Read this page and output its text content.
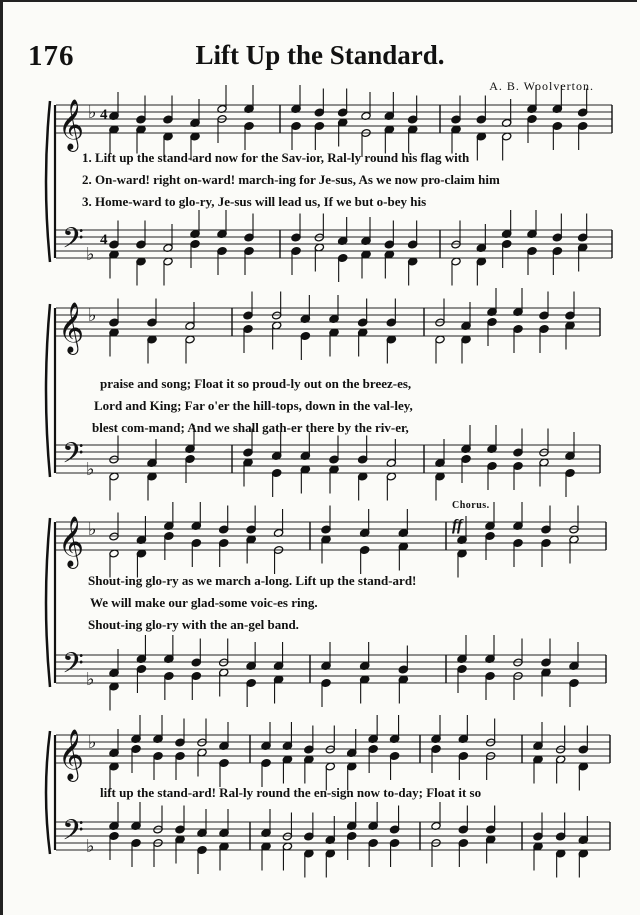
𝄞
𝄢
♭
♭
4
4
𝄞
𝄢
♭
♭
𝄞
𝄢
♭
♭
𝄞
𝄢
♭
♭
ff
176	Lift Up the Standard.
A. B. Woolverton.
Chorus.
1. Lift up the stand-ard now for the Sav-ior, Ral-ly round his flag with
2. On-ward! right on-ward! march-ing for Je-sus, As we now pro-claim him
3. Home-ward to glo-ry, Je-sus will lead us, If we but o-bey his
praise and song; Float it so proud-ly out on the breez-es,
Lord and King; Far o'er the hill-tops, down in the val-ley,
blest com-mand; And we shall gath-er there by the riv-er,
Shout-ing glo-ry as we march a-long. Lift up the stand-ard!
We will make our glad-some voic-es ring.
Shout-ing glo-ry with the an-gel band.
lift up the stand-ard! Ral-ly round the en-sign now to-day; Float it so
